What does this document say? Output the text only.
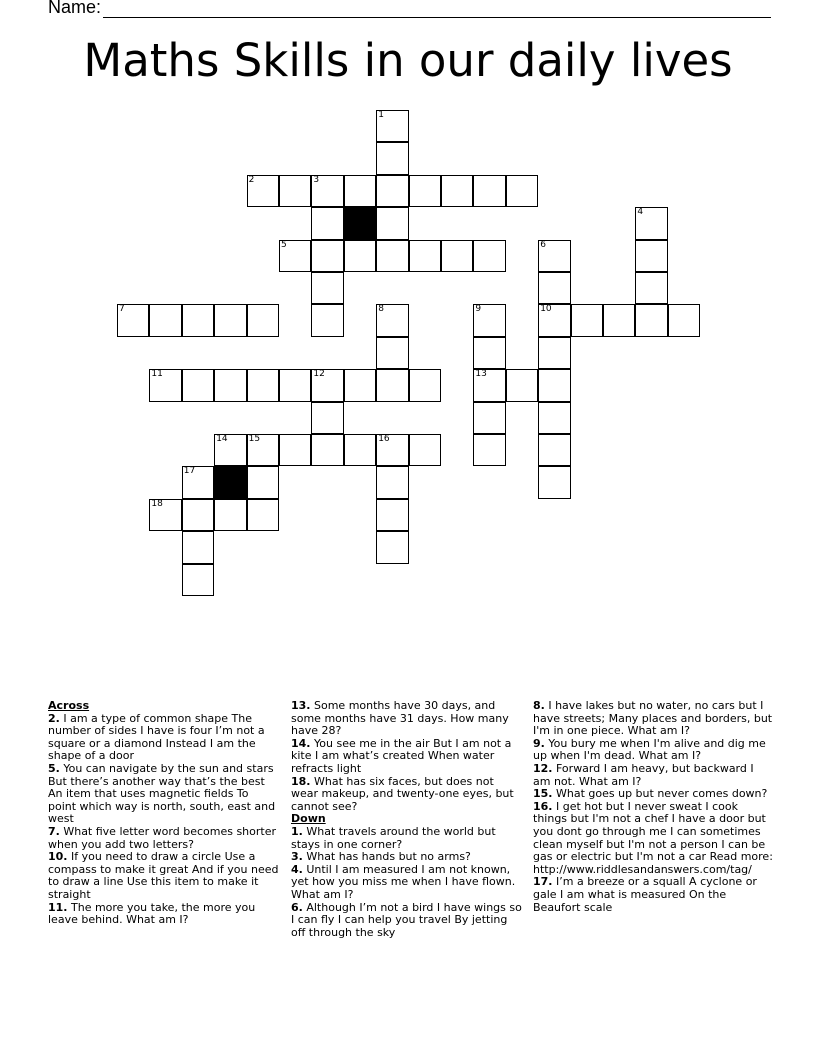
Name:
Maths Skills in our daily lives
1
2	3
4
5	6
7	8	9	10
11	12	13
14 15	16
17
18
Across
2. I am a type of common shape The number of sides I have is four I’m not a square or a diamond Instead I am the shape of a door
5. You can navigate by the sun and stars But there’s another way that’s the best An item that uses magnetic fields To point which way is north, south, east and west
7. What five letter word becomes shorter when you add two letters?
10. If you need to draw a circle Use a compass to make it great And if you need to draw a line Use this item to make it straight
11. The more you take, the more you leave behind. What am I?
13. Some months have 30 days, and some months have 31 days. How many have 28?
14. You see me in the air But I am not a kite I am what’s created When water refracts light
18. What has six faces, but does not wear makeup, and twenty-one eyes, but cannot see?
Down
1. What travels around the world but stays in one corner?
3. What has hands but no arms?
4. Until I am measured I am not known, yet how you miss me when I have flown. What am I?
6. Although I’m not a bird I have wings so I can fly I can help you travel By jetting off through the sky
8. I have lakes but no water, no cars but I have streets; Many places and borders, but I'm in one piece. What am I?
9. You bury me when I'm alive and dig me up when I'm dead. What am I?
12. Forward I am heavy, but backward I am not. What am I?
15. What goes up but never comes down?
16. I get hot but I never sweat I cook things but I'm not a chef I have a door but you dont go through me I can sometimes clean myself but I'm not a person I can be gas or electric but I'm not a car Read more: http://www.riddlesandanswers.com/tag/
17. I’m a breeze or a squall A cyclone or gale I am what is measured On the Beaufort scale
